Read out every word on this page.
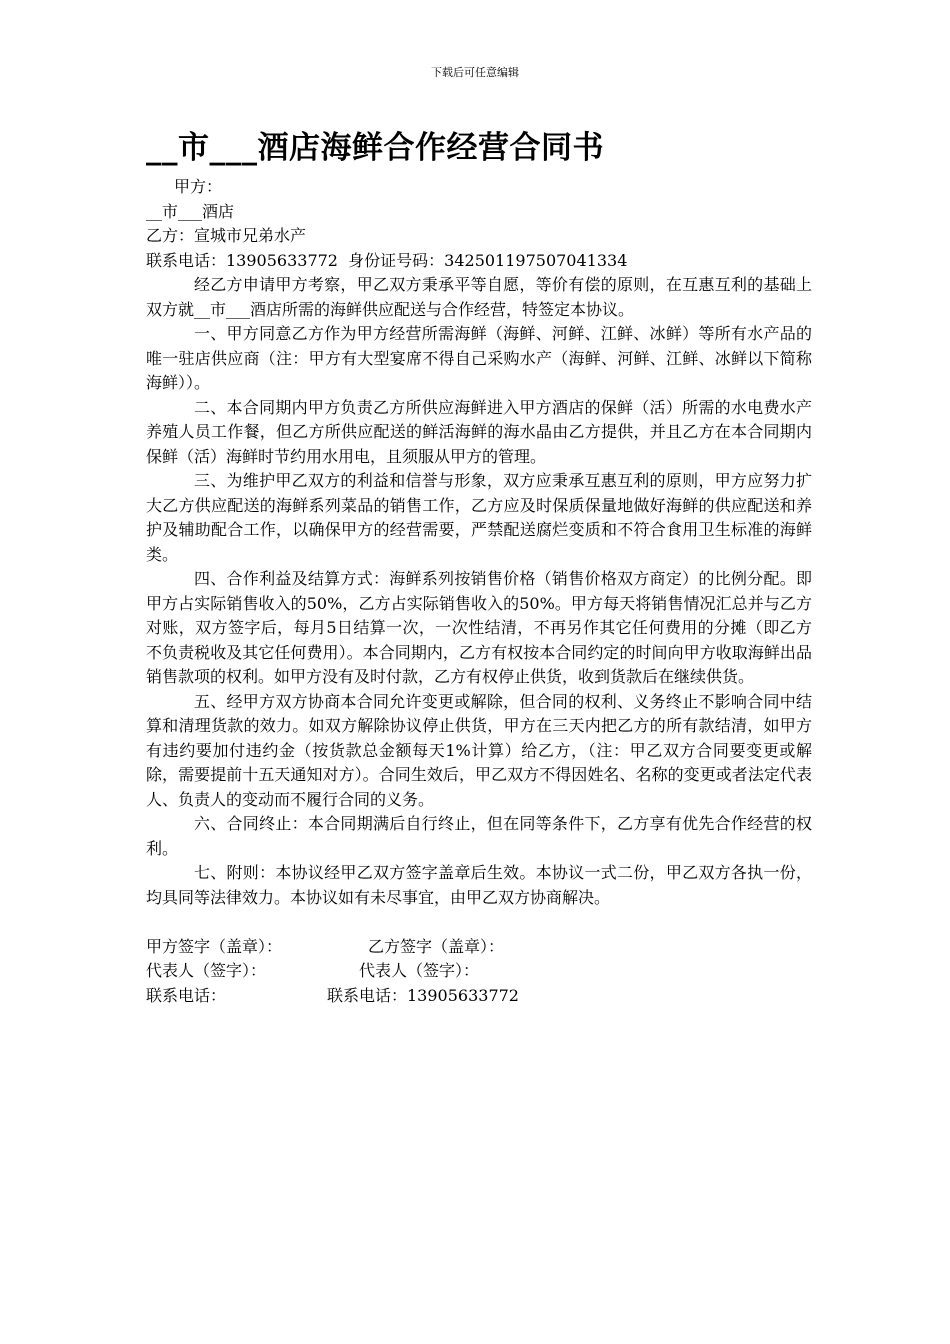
下载后可任意编辑
__市___酒店海鲜合作经营合同书

甲方：

__市___酒店

乙方：宣城市兄弟水产

联系电话：13905633772  身份证号码：342501197507041334

经乙方申请甲方考察，甲乙双方秉承平等自愿，等价有偿的原则，在互惠互利的基础上双方就__市___酒店所需的海鲜供应配送与合作经营，特签定本协议。

一、甲方同意乙方作为甲方经营所需海鲜（海鲜、河鲜、江鲜、冰鲜）等所有水产品的唯一驻店供应商（注：甲方有大型宴席不得自己采购水产（海鲜、河鲜、江鲜、冰鲜以下简称海鲜））。

二、本合同期内甲方负责乙方所供应海鲜进入甲方酒店的保鲜（活）所需的水电费水产养殖人员工作餐，但乙方所供应配送的鲜活海鲜的海水晶由乙方提供，并且乙方在本合同期内保鲜（活）海鲜时节约用水用电，且须服从甲方的管理。

三、为维护甲乙双方的利益和信誉与形象，双方应秉承互惠互利的原则，甲方应努力扩大乙方供应配送的海鲜系列菜品的销售工作，乙方应及时保质保量地做好海鲜的供应配送和养护及辅助配合工作，以确保甲方的经营需要，严禁配送腐烂变质和不符合食用卫生标准的海鲜类。

四、合作利益及结算方式：海鲜系列按销售价格（销售价格双方商定）的比例分配。即甲方占实际销售收入的50%，乙方占实际销售收入的50%。甲方每天将销售情况汇总并与乙方对账，双方签字后，每月5日结算一次，一次性结清，不再另作其它任何费用的分摊（即乙方不负责税收及其它任何费用）。本合同期内，乙方有权按本合同约定的时间向甲方收取海鲜出品销售款项的权利。如甲方没有及时付款，乙方有权停止供货，收到货款后在继续供货。

五、经甲方双方协商本合同允许变更或解除，但合同的权利、义务终止不影响合同中结算和清理货款的效力。如双方解除协议停止供货，甲方在三天内把乙方的所有款结清，如甲方有违约要加付违约金（按货款总金额每天1%计算）给乙方，（注：甲乙双方合同要变更或解除，需要提前十五天通知对方）。合同生效后，甲乙双方不得因姓名、名称的变更或者法定代表人、负责人的变动而不履行合同的义务。

六、合同终止：本合同期满后自行终止，但在同等条件下，乙方享有优先合作经营的权利。

七、附则：本协议经甲乙双方签字盖章后生效。本协议一式二份，甲乙双方各执一份，均具同等法律效力。本协议如有未尽事宜，由甲乙双方协商解决。

甲方签字（盖章）：	乙方签字（盖章）：
代表人（签字）：	代表人（签字）：
联系电话：	联系电话：13905633772
